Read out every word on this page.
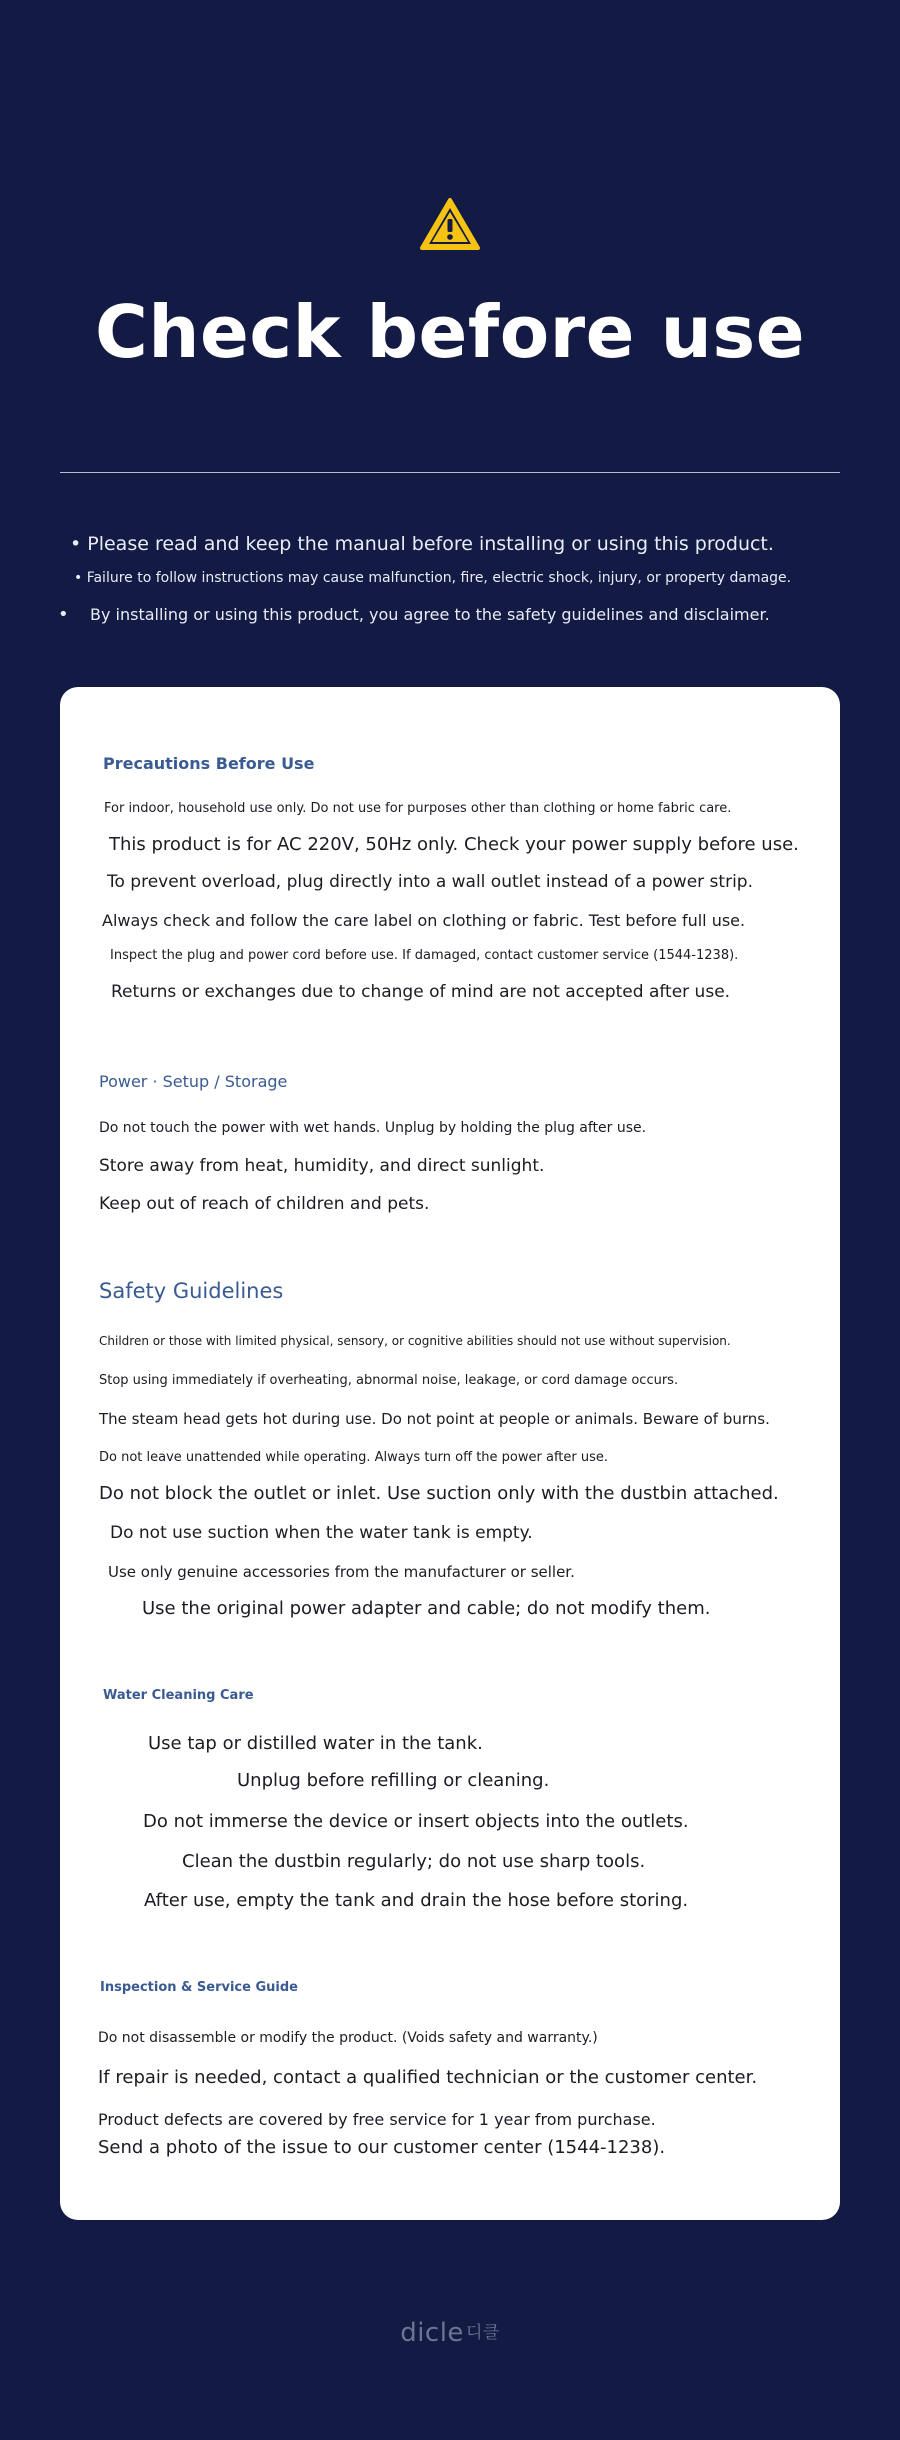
Check before use
• Please read and keep the manual before installing or using this product.
• Failure to follow instructions may cause malfunction, fire, electric shock, injury, or property damage.
• By installing or using this product, you agree to the safety guidelines and disclaimer.
Precautions Before Use
For indoor, household use only. Do not use for purposes other than clothing or home fabric care.
This product is for AC 220V, 50Hz only. Check your power supply before use.
To prevent overload, plug directly into a wall outlet instead of a power strip.
Always check and follow the care label on clothing or fabric. Test before full use.
Inspect the plug and power cord before use. If damaged, contact customer service (1544-1238).
Returns or exchanges due to change of mind are not accepted after use.
Power · Setup / Storage
Do not touch the power with wet hands. Unplug by holding the plug after use.
Store away from heat, humidity, and direct sunlight.
Keep out of reach of children and pets.
Safety Guidelines
Children or those with limited physical, sensory, or cognitive abilities should not use without supervision.
Stop using immediately if overheating, abnormal noise, leakage, or cord damage occurs.
The steam head gets hot during use. Do not point at people or animals. Beware of burns.
Do not leave unattended while operating. Always turn off the power after use.
Do not block the outlet or inlet. Use suction only with the dustbin attached.
Do not use suction when the water tank is empty.
Use only genuine accessories from the manufacturer or seller.
Use the original power adapter and cable; do not modify them.
Water Cleaning Care
Use tap or distilled water in the tank.
Unplug before refilling or cleaning.
Do not immerse the device or insert objects into the outlets.
Clean the dustbin regularly; do not use sharp tools.
After use, empty the tank and drain the hose before storing.
Inspection & Service Guide
Do not disassemble or modify the product. (Voids safety and warranty.)
If repair is needed, contact a qualified technician or the customer center.
Product defects are covered by free service for 1 year from purchase.
Send a photo of the issue to our customer center (1544-1238).
dicle $^{디클}$
